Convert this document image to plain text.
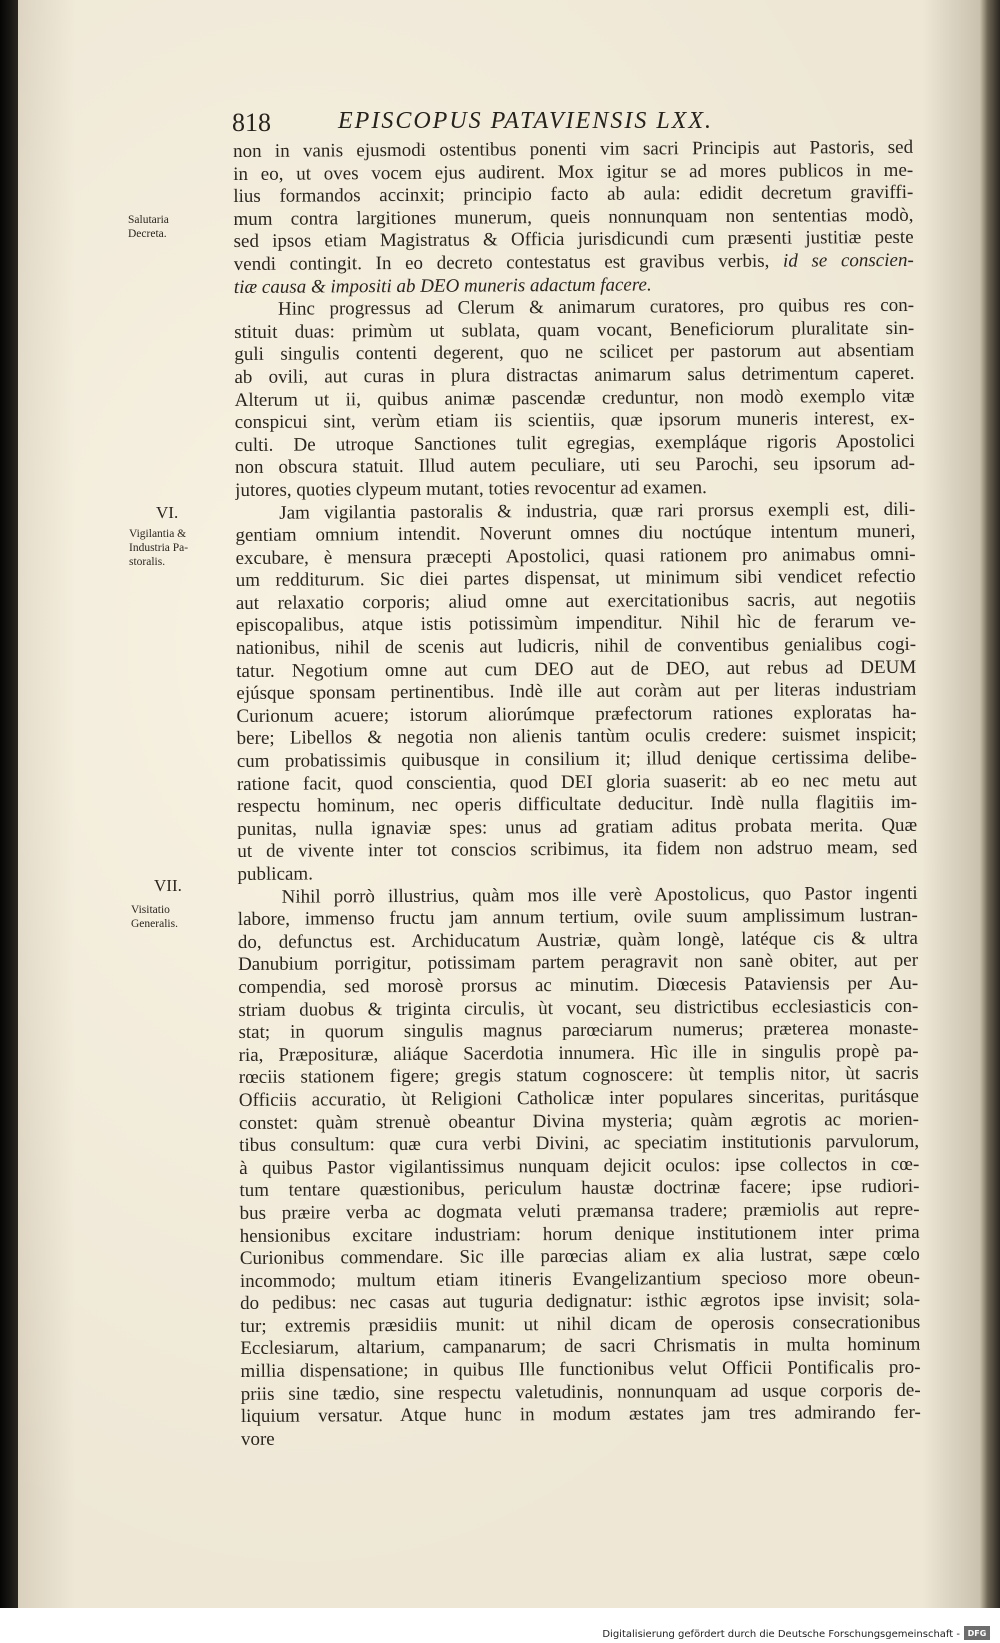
818	EPISCOPUS PATAVIENSIS LXX.
Salutaria
Decreta.
VI.
Vigilantia &
Industria Pa-
storalis.
VII.
Visitatio
Generalis.
non in vanis ejusmodi ostentibus ponenti vim sacri Principis aut Pastoris, sed
in eo, ut oves vocem ejus audirent. Mox igitur se ad mores publicos in me-
lius formandos accinxit; principio facto ab aula: edidit decretum graviffi-
mum contra largitiones munerum, queis nonnunquam non sententias modò,
sed ipsos etiam Magistratus & Officia jurisdicundi cum præsenti justitiæ peste
vendi contingit. In eo decreto contestatus est gravibus verbis, id se conscien-
tiæ causa & impositi ab DEO muneris adactum facere.
Hinc progressus ad Clerum & animarum curatores, pro quibus res con-
stituit duas: primùm ut sublata, quam vocant, Beneficiorum pluralitate sin-
guli singulis contenti degerent, quo ne scilicet per pastorum aut absentiam
ab ovili, aut curas in plura distractas animarum salus detrimentum caperet.
Alterum ut ii, quibus animæ pascendæ creduntur, non modò exemplo vitæ
conspicui sint, verùm etiam iis scientiis, quæ ipsorum muneris interest, ex-
culti. De utroque Sanctiones tulit egregias, exempláque rigoris Apostolici
non obscura statuit. Illud autem peculiare, uti seu Parochi, seu ipsorum ad-
jutores, quoties clypeum mutant, toties revocentur ad examen.
Jam vigilantia pastoralis & industria, quæ rari prorsus exempli est, dili-
gentiam omnium intendit. Noverunt omnes diu noctúque intentum muneri,
excubare, è mensura præcepti Apostolici, quasi rationem pro animabus omni-
um redditurum. Sic diei partes dispensat, ut minimum sibi vendicet refectio
aut relaxatio corporis; aliud omne aut exercitationibus sacris, aut negotiis
episcopalibus, atque istis potissimùm impenditur. Nihil hìc de ferarum ve-
nationibus, nihil de scenis aut ludicris, nihil de conventibus genialibus cogi-
tatur. Negotium omne aut cum DEO aut de DEO, aut rebus ad DEUM
ejúsque sponsam pertinentibus. Indè ille aut coràm aut per literas industriam
Curionum acuere; istorum aliorúmque præfectorum rationes exploratas ha-
bere; Libellos & negotia non alienis tantùm oculis credere: suismet inspicit;
cum probatissimis quibusque in consilium it; illud denique certissima delibe-
ratione facit, quod conscientia, quod DEI gloria suaserit: ab eo nec metu aut
respectu hominum, nec operis difficultate deducitur. Indè nulla flagitiis im-
punitas, nulla ignaviæ spes: unus ad gratiam aditus probata merita. Quæ
ut de vivente inter tot conscios scribimus, ita fidem non adstruo meam, sed
publicam.
Nihil porrò illustrius, quàm mos ille verè Apostolicus, quo Pastor ingenti
labore, immenso fructu jam annum tertium, ovile suum amplissimum lustran-
do, defunctus est. Archiducatum Austriæ, quàm longè, latéque cis & ultra
Danubium porrigitur, potissimam partem peragravit non sanè obiter, aut per
compendia, sed morosè prorsus ac minutim. Diœcesis Pataviensis per Au-
striam duobus & triginta circulis, ùt vocant, seu districtibus ecclesiasticis con-
stat; in quorum singulis magnus parœciarum numerus; præterea monaste-
ria, Præposituræ, aliáque Sacerdotia innumera. Hìc ille in singulis propè pa-
rœciis stationem figere; gregis statum cognoscere: ùt templis nitor, ùt sacris
Officiis accuratio, ùt Religioni Catholicæ inter populares sinceritas, puritásque
constet: quàm strenuè obeantur Divina mysteria; quàm ægrotis ac morien-
tibus consultum: quæ cura verbi Divini, ac speciatim institutionis parvulorum,
à quibus Pastor vigilantissimus nunquam dejicit oculos: ipse collectos in cœ-
tum tentare quæstionibus, periculum haustæ doctrinæ facere; ipse rudiori-
bus præire verba ac dogmata veluti præmansa tradere; præmiolis aut repre-
hensionibus excitare industriam: horum denique institutionem inter prima
Curionibus commendare. Sic ille parœcias aliam ex alia lustrat, sæpe cœlo
incommodo; multum etiam itineris Evangelizantium specioso more obeun-
do pedibus: nec casas aut tuguria dedignatur: isthic ægrotos ipse invisit; sola-
tur; extremis præsidiis munit: ut nihil dicam de operosis consecrationibus
Ecclesiarum, altarium, campanarum; de sacri Chrismatis in multa hominum
millia dispensatione; in quibus Ille functionibus velut Officii Pontificalis pro-
priis sine tædio, sine respectu valetudinis, nonnunquam ad usque corporis de-
liquium versatur. Atque hunc in modum æstates jam tres admirando fer-
vore
Digitalisierung gefördert durch die Deutsche Forschungsgemeinschaft - DFG
